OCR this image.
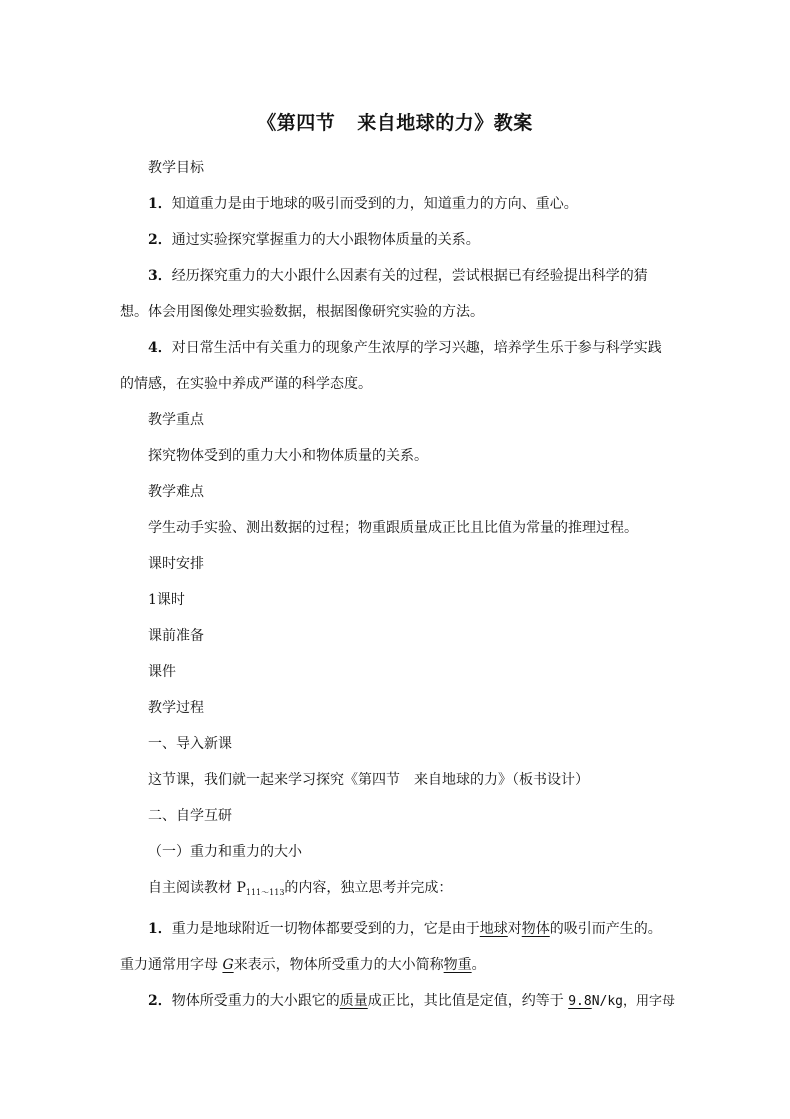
《第四节 来自地球的力》教案
教学目标
1．知道重力是由于地球的吸引而受到的力，知道重力的方向、重心。
2．通过实验探究掌握重力的大小跟物体质量的关系。
3．经历探究重力的大小跟什么因素有关的过程，尝试根据已有经验提出科学的猜
想。体会用图像处理实验数据，根据图像研究实验的方法。
4．对日常生活中有关重力的现象产生浓厚的学习兴趣，培养学生乐于参与科学实践
的情感，在实验中养成严谨的科学态度。
教学重点
探究物体受到的重力大小和物体质量的关系。
教学难点
学生动手实验、测出数据的过程；物重跟质量成正比且比值为常量的推理过程。
课时安排
1课时
课前准备
课件
教学过程
一、导入新课
这节课，我们就一起来学习探究《第四节 来自地球的力》（板书设计）
二、自学互研
（一）重力和重力的大小
自主阅读教材 $P_{111\sim 113}$的内容，独立思考并完成：
1．重力是地球附近一切物体都要受到的力，它是由于地球对物体的吸引而产生的。
重力通常用字母 G来表示，物体所受重力的大小简称物重。
2．物体所受重力的大小跟它的质量成正比，其比值是定值，约等于 9.8N/kg，用字母
